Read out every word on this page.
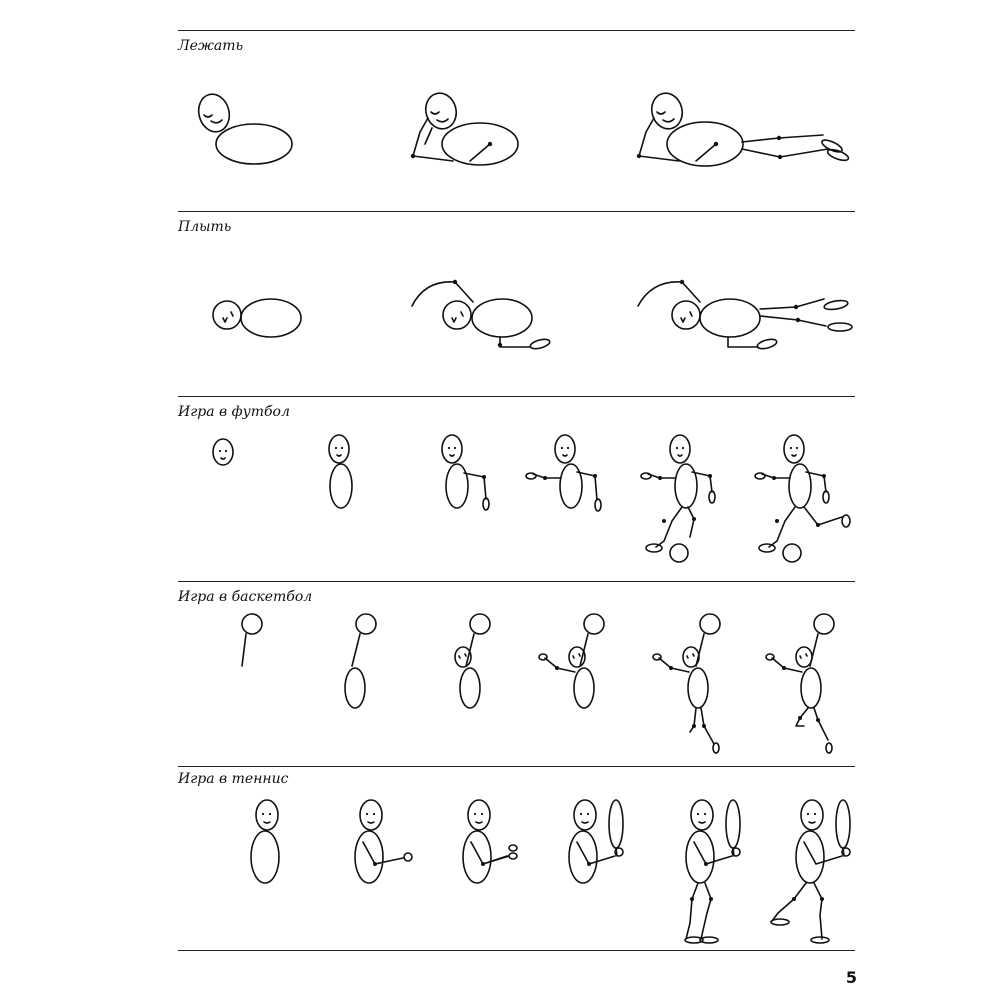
Лежать
Плыть
Игра в футбол
Игра в баскетбол
Игра в теннис
5
